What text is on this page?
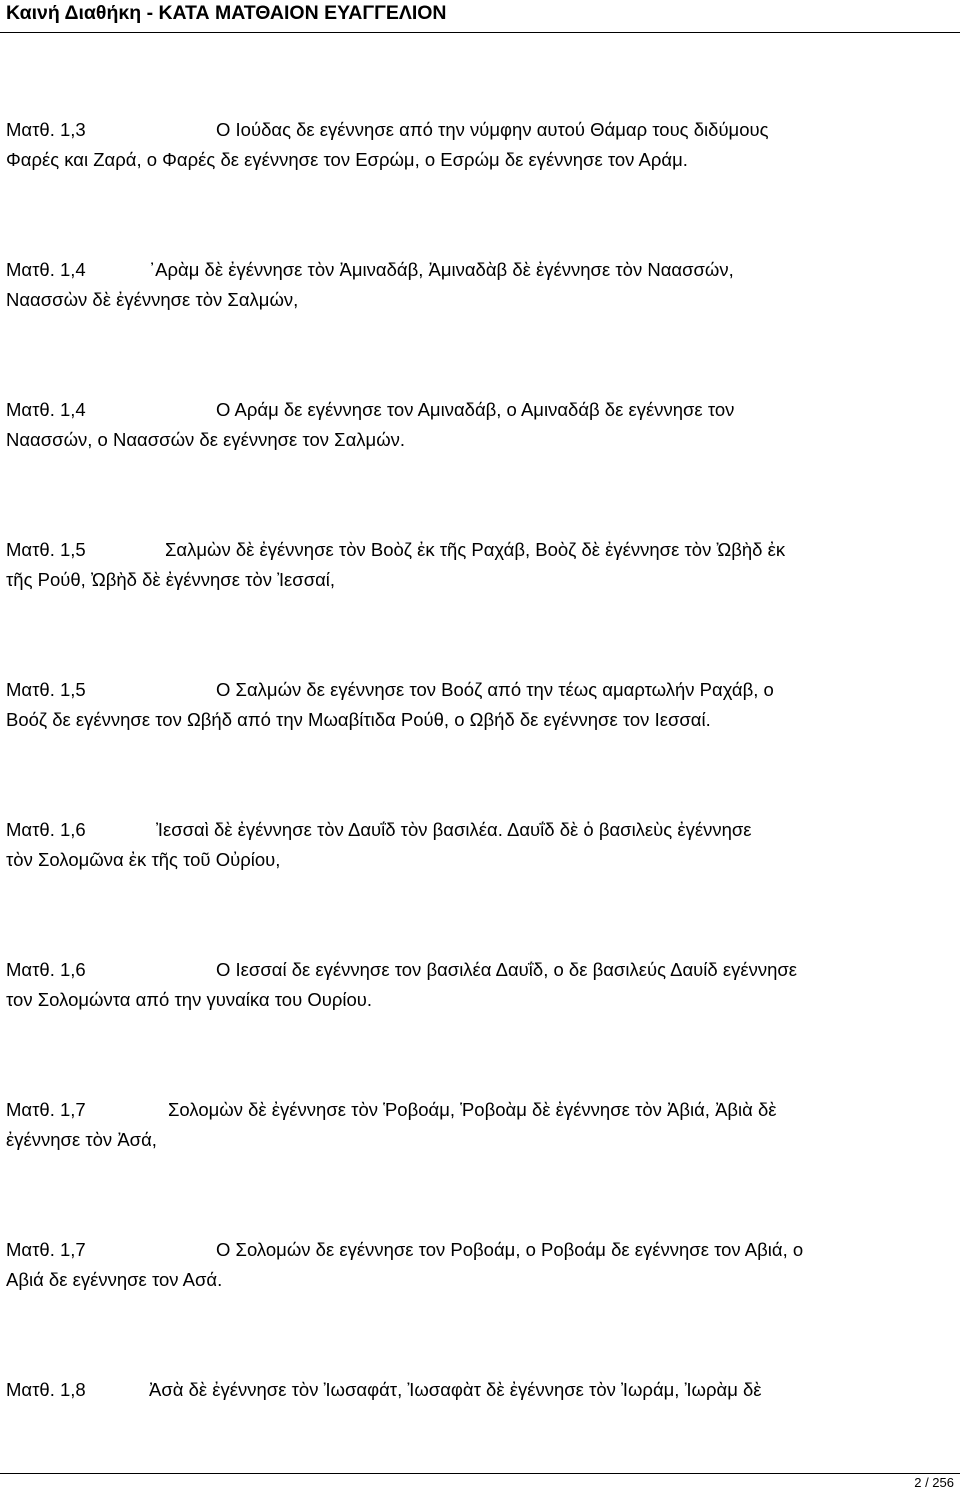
Καινή Διαθήκη - ΚΑΤΑ ΜΑΤΘΑΙΟΝ ΕΥΑΓΓΕΛΙΟΝ
Ματθ. 1,3	Ο Ιούδας δε εγέννησε από την νύμφην αυτού Θάμαρ τους διδύμους
Φαρές και Ζαρά, ο Φαρές δε εγέννησε τον Εσρώμ, ο Εσρώμ δε εγέννησε τον Αράμ.
Ματθ. 1,4	᾿Αρὰμ δὲ ἐγέννησε τὸν Ἀμιναδάβ, Ἀμιναδὰβ δὲ ἐγέννησε τὸν Ναασσών,
Ναασσὼν δὲ ἐγέννησε τὸν Σαλμών,
Ματθ. 1,4	Ο Αράμ δε εγέννησε τον Αμιναδάβ, ο Αμιναδάβ δε εγέννησε τον
Ναασσών, ο Ναασσών δε εγέννησε τον Σαλμών.
Ματθ. 1,5	Σαλμὼν δὲ ἐγέννησε τὸν Βοὸζ ἐκ τῆς Ραχάβ, Βοὸζ δὲ ἐγέννησε τὸν Ὠβὴδ ἐκ
τῆς Ρούθ, Ὠβὴδ δὲ ἐγέννησε τὸν Ἰεσσαί,
Ματθ. 1,5	Ο Σαλμών δε εγέννησε τον Βοόζ από την τέως αμαρτωλήν Ραχάβ, ο
Βοόζ δε εγέννησε τον Ωβήδ από την Μωαβίτιδα Ρούθ, ο Ωβήδ δε εγέννησε τον Ιεσσαί.
Ματθ. 1,6	Ἰεσσαὶ δὲ ἐγέννησε τὸν Δαυΐδ τὸν βασιλέα. Δαυΐδ δὲ ὁ βασιλεὺς ἐγέννησε
τὸν Σολομῶνα ἐκ τῆς τοῦ Οὐρίου,
Ματθ. 1,6	Ο Ιεσσαί δε εγέννησε τον βασιλέα Δαυΐδ, ο δε βασιλεύς Δαυίδ εγέννησε
τον Σολομώντα από την γυναίκα του Ουρίου.
Ματθ. 1,7	Σολομὼν δὲ ἐγέννησε τὸν Ῥοβοάμ, Ῥοβοὰμ δὲ ἐγέννησε τὸν Ἀβιά, Ἀβιὰ δὲ
ἐγέννησε τὸν Ἀσά,
Ματθ. 1,7	Ο Σολομών δε εγέννησε τον Ροβοάμ, ο Ροβοάμ δε εγέννησε τον Αβιά, ο
Αβιά δε εγέννησε τον Ασά.
Ματθ. 1,8	Ἀσὰ δὲ ἐγέννησε τὸν Ἰωσαφάτ, Ἰωσαφὰτ δὲ ἐγέννησε τὸν Ἰωράμ, Ἰωρὰμ δὲ
2 / 256
